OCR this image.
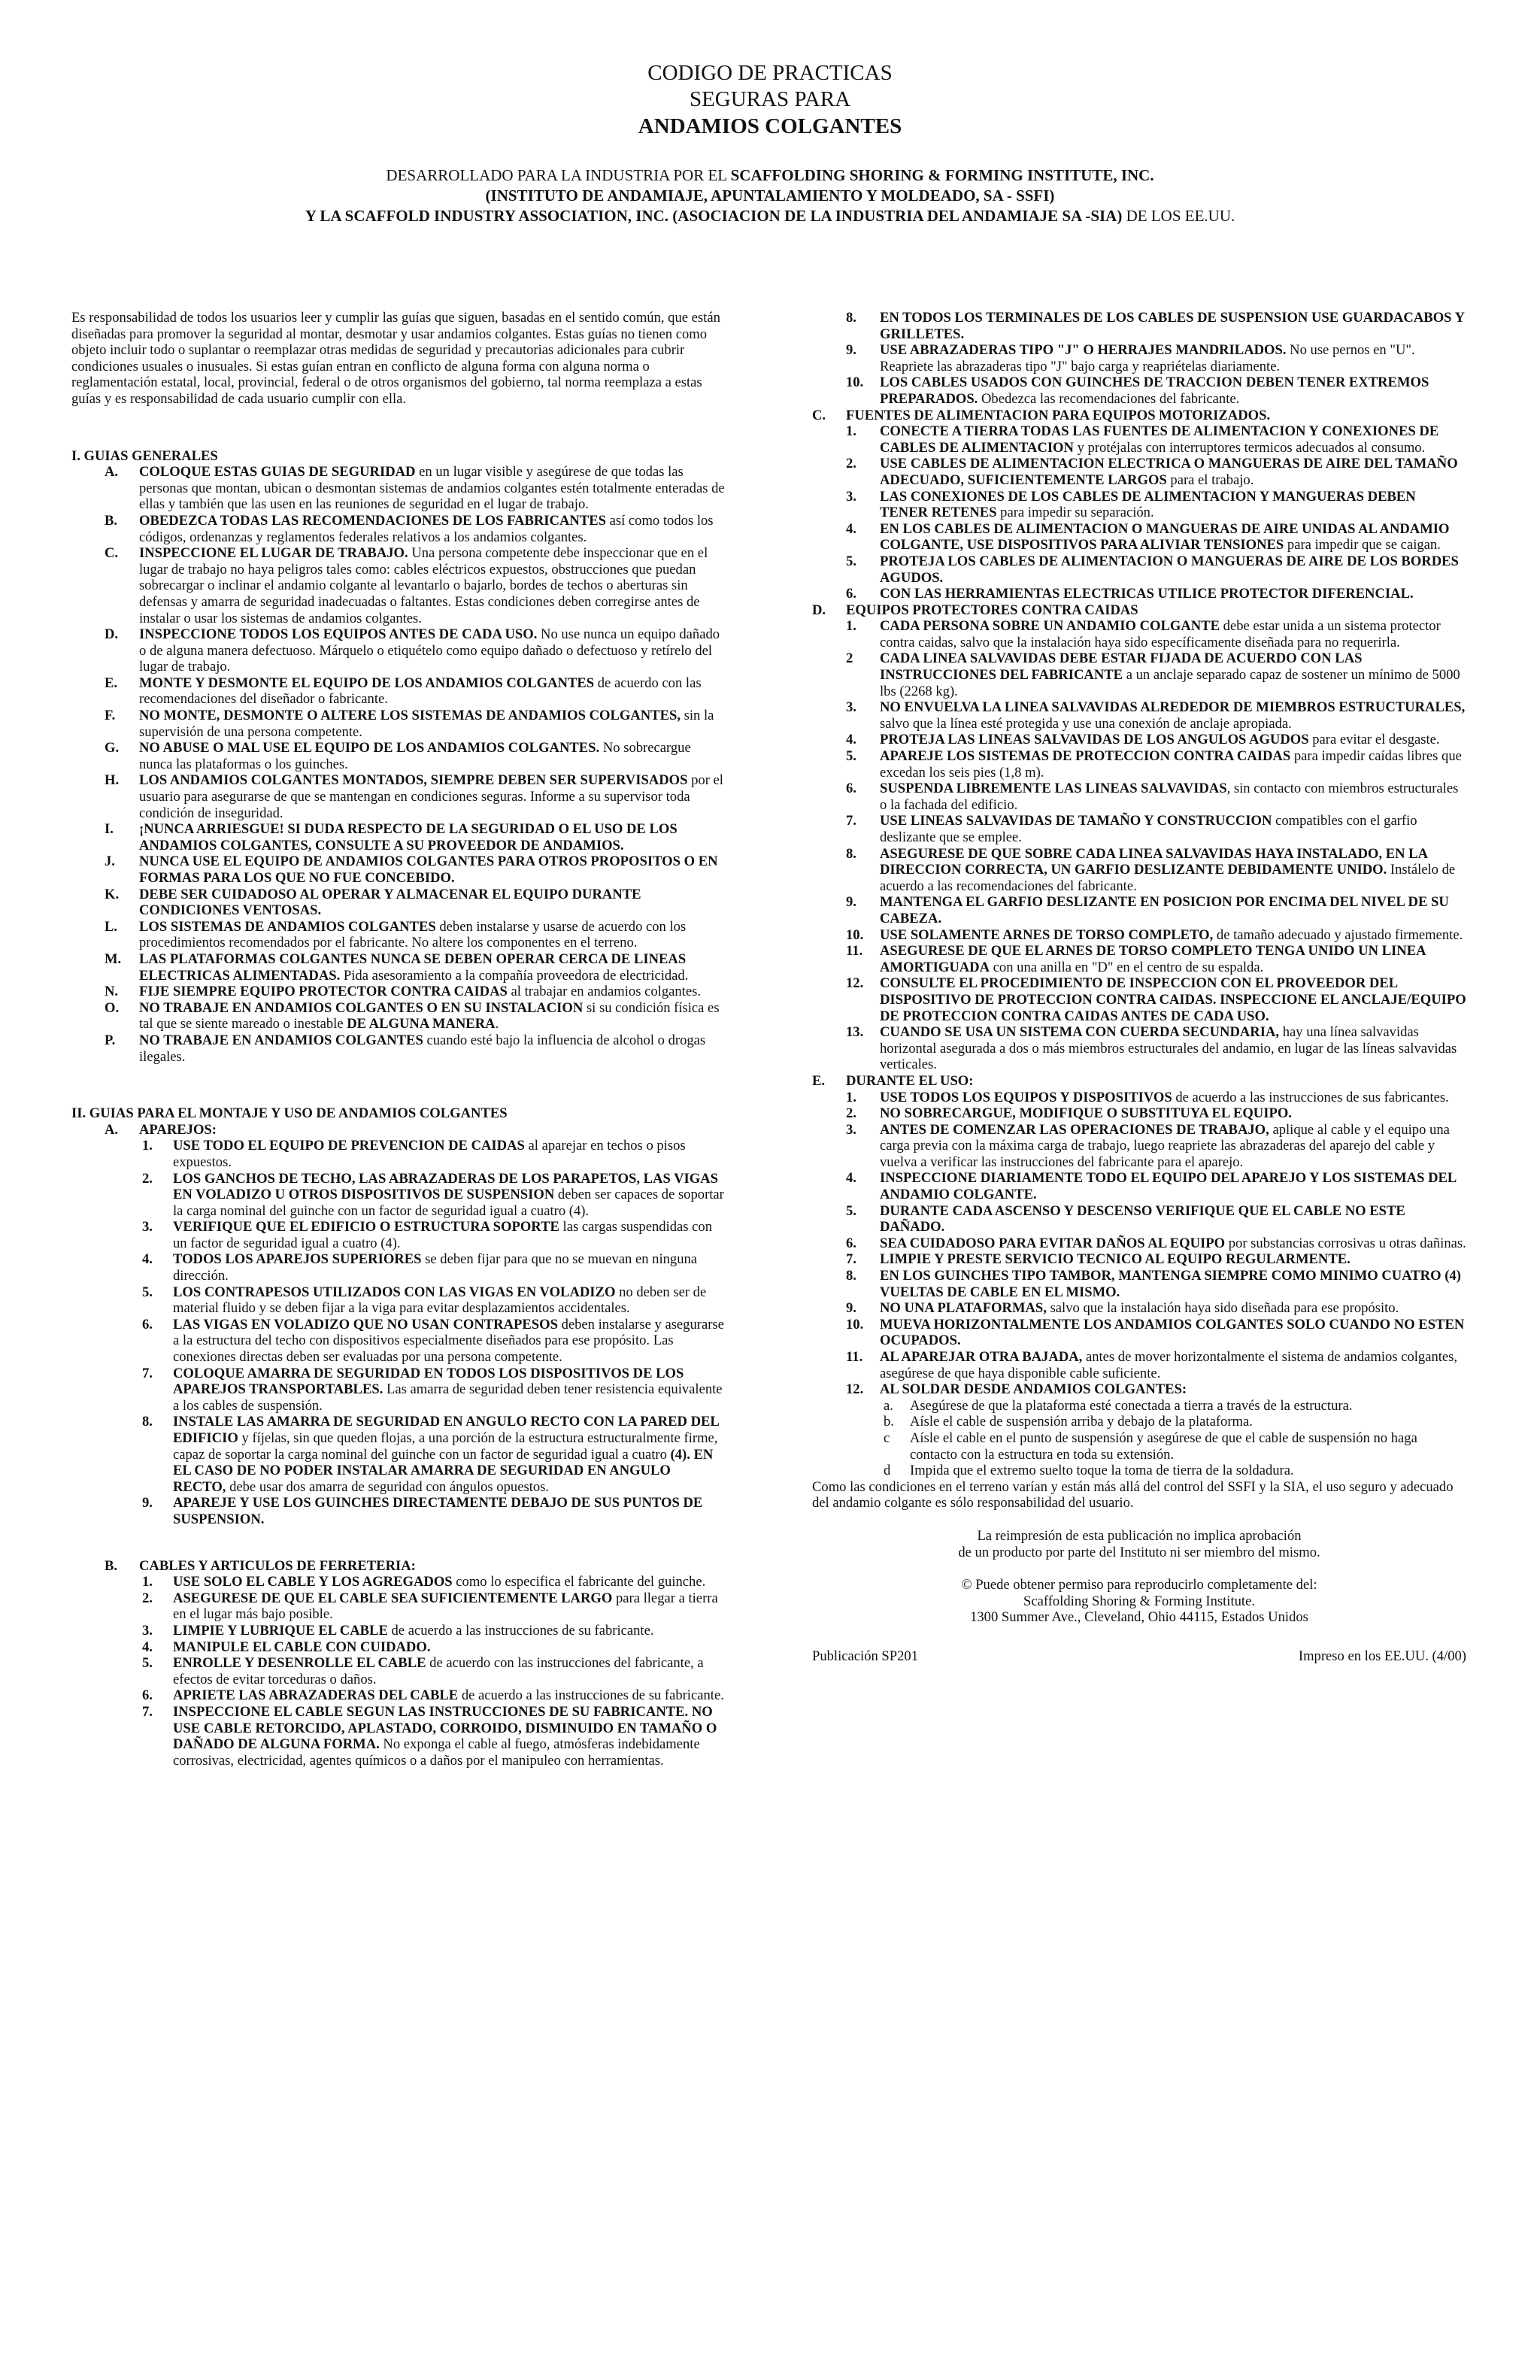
CODIGO DE PRACTICAS
SEGURAS PARA
ANDAMIOS COLGANTES
DESARROLLADO PARA LA INDUSTRIA POR EL SCAFFOLDING SHORING & FORMING INSTITUTE, INC.
(INSTITUTO DE ANDAMIAJE, APUNTALAMIENTO Y MOLDEADO, SA - SSFI)
Y LA SCAFFOLD INDUSTRY ASSOCIATION, INC. (ASOCIACION DE LA INDUSTRIA DEL ANDAMIAJE SA -SIA) DE LOS EE.UU.

Es responsabilidad de todos los usuarios leer y cumplir las guías que siguen, basadas en el sentido común, que están diseñadas para promover la seguridad al montar, desmotar y usar andamios colgantes. Estas guías no tienen como objeto incluir todo o suplantar o reemplazar otras medidas de seguridad y precautorias adicionales para cubrir condiciones usuales o inusuales. Si estas guían entran en conflicto de alguna forma con alguna norma o reglamentación estatal, local, provincial, federal o de otros organismos del gobierno, tal norma reemplaza a estas guías y es responsabilidad de cada usuario cumplir con ella.

I. GUIAS GENERALES
A. COLOQUE ESTAS GUIAS DE SEGURIDAD en un lugar visible y asegúrese de que todas las personas que montan, ubican o desmontan sistemas de andamios colgantes estén totalmente enteradas de ellas y también que las usen en las reuniones de seguridad en el lugar de trabajo.
B. OBEDEZCA TODAS LAS RECOMENDACIONES DE LOS FABRICANTES así como todos los códigos, ordenanzas y reglamentos federales relativos a los andamios colgantes.
C. INSPECCIONE EL LUGAR DE TRABAJO. Una persona competente debe inspeccionar que en el lugar de trabajo no haya peligros tales como: cables eléctricos expuestos, obstrucciones que puedan sobrecargar o inclinar el andamio colgante al levantarlo o bajarlo, bordes de techos o aberturas sin defensas y amarra de seguridad inadecuadas o faltantes. Estas condiciones deben corregirse antes de instalar o usar los sistemas de andamios colgantes.
D. INSPECCIONE TODOS LOS EQUIPOS ANTES DE CADA USO. No use nunca un equipo dañado o de alguna manera defectuoso. Márquelo o etiquételo como equipo dañado o defectuoso y retírelo del lugar de trabajo.
E. MONTE Y DESMONTE EL EQUIPO DE LOS ANDAMIOS COLGANTES de acuerdo con las recomendaciones del diseñador o fabricante.
F. NO MONTE, DESMONTE O ALTERE LOS SISTEMAS DE ANDAMIOS COLGANTES, sin la supervisión de una persona competente.
G. NO ABUSE O MAL USE EL EQUIPO DE LOS ANDAMIOS COLGANTES. No sobrecargue nunca las plataformas o los guinches.
H. LOS ANDAMIOS COLGANTES MONTADOS, SIEMPRE DEBEN SER SUPERVISADOS por el usuario para asegurarse de que se mantengan en condiciones seguras. Informe a su supervisor toda condición de inseguridad.
I. ¡NUNCA ARRIESGUE! SI DUDA RESPECTO DE LA SEGURIDAD O EL USO DE LOS ANDAMIOS COLGANTES, CONSULTE A SU PROVEEDOR DE ANDAMIOS.
J. NUNCA USE EL EQUIPO DE ANDAMIOS COLGANTES PARA OTROS PROPOSITOS O EN FORMAS PARA LOS QUE NO FUE CONCEBIDO.
K. DEBE SER CUIDADOSO AL OPERAR Y ALMACENAR EL EQUIPO DURANTE CONDICIONES VENTOSAS.
L. LOS SISTEMAS DE ANDAMIOS COLGANTES deben instalarse y usarse de acuerdo con los procedimientos recomendados por el fabricante. No altere los componentes en el terreno.
M. LAS PLATAFORMAS COLGANTES NUNCA SE DEBEN OPERAR CERCA DE LINEAS ELECTRICAS ALIMENTADAS. Pida asesoramiento a la compañía proveedora de electricidad.
N. FIJE SIEMPRE EQUIPO PROTECTOR CONTRA CAIDAS al trabajar en andamios colgantes.
O. NO TRABAJE EN ANDAMIOS COLGANTES O EN SU INSTALACION si su condición física es tal que se siente mareado o inestable DE ALGUNA MANERA.
P. NO TRABAJE EN ANDAMIOS COLGANTES cuando esté bajo la influencia de alcohol o drogas ilegales.
II. GUIAS PARA EL MONTAJE Y USO DE ANDAMIOS COLGANTES
A. APAREJOS:
1. USE TODO EL EQUIPO DE PREVENCION DE CAIDAS al aparejar en techos o pisos expuestos.
2. LOS GANCHOS DE TECHO, LAS ABRAZADERAS DE LOS PARAPETOS, LAS VIGAS EN VOLADIZO U OTROS DISPOSITIVOS DE SUSPENSION deben ser capaces de soportar la carga nominal del guinche con un factor de seguridad igual a cuatro (4).
3. VERIFIQUE QUE EL EDIFICIO O ESTRUCTURA SOPORTE las cargas suspendidas con un factor de seguridad igual a cuatro (4).
4. TODOS LOS APAREJOS SUPERIORES se deben fijar para que no se muevan en ninguna dirección.
5. LOS CONTRAPESOS UTILIZADOS CON LAS VIGAS EN VOLADIZO no deben ser de material fluido y se deben fijar a la viga para evitar desplazamientos accidentales.
6. LAS VIGAS EN VOLADIZO QUE NO USAN CONTRAPESOS deben instalarse y asegurarse a la estructura del techo con dispositivos especialmente diseñados para ese propósito. Las conexiones directas deben ser evaluadas por una persona competente.
7. COLOQUE AMARRA DE SEGURIDAD EN TODOS LOS DISPOSITIVOS DE LOS APAREJOS TRANSPORTABLES. Las amarra de seguridad deben tener resistencia equivalente a los cables de suspensión.
8. INSTALE LAS AMARRA DE SEGURIDAD EN ANGULO RECTO CON LA PARED DEL EDIFICIO y fíjelas, sin que queden flojas, a una porción de la estructura estructuralmente firme, capaz de soportar la carga nominal del guinche con un factor de seguridad igual a cuatro (4). EN EL CASO DE NO PODER INSTALAR AMARRA DE SEGURIDAD EN ANGULO RECTO, debe usar dos amarra de seguridad con ángulos opuestos.
9. APAREJE Y USE LOS GUINCHES DIRECTAMENTE DEBAJO DE SUS PUNTOS DE SUSPENSION.
B. CABLES Y ARTICULOS DE FERRETERIA:
1. USE SOLO EL CABLE Y LOS AGREGADOS como lo especifica el fabricante del guinche.
2. ASEGURESE DE QUE EL CABLE SEA SUFICIENTEMENTE LARGO para llegar a tierra en el lugar más bajo posible.
3. LIMPIE Y LUBRIQUE EL CABLE de acuerdo a las instrucciones de su fabricante.
4. MANIPULE EL CABLE CON CUIDADO.
5. ENROLLE Y DESENROLLE EL CABLE de acuerdo con las instrucciones del fabricante, a efectos de evitar torceduras o daños.
6. APRIETE LAS ABRAZADERAS DEL CABLE de acuerdo a las instrucciones de su fabricante.
7. INSPECCIONE EL CABLE SEGUN LAS INSTRUCCIONES DE SU FABRICANTE. NO USE CABLE RETORCIDO, APLASTADO, CORROIDO, DISMINUIDO EN TAMAÑO O DAÑADO DE ALGUNA FORMA. No exponga el cable al fuego, atmósferas indebidamente corrosivas, electricidad, agentes químicos o a daños por el manipuleo con herramientas.
8. EN TODOS LOS TERMINALES DE LOS CABLES DE SUSPENSION USE GUARDACABOS Y GRILLETES.
9. USE ABRAZADERAS TIPO "J" O HERRAJES MANDRILADOS. No use pernos en "U". Reapriete las abrazaderas tipo "J" bajo carga y reapriételas diariamente.
10. LOS CABLES USADOS CON GUINCHES DE TRACCION DEBEN TENER EXTREMOS PREPARADOS. Obedezca las recomendaciones del fabricante.
C. FUENTES DE ALIMENTACION PARA EQUIPOS MOTORIZADOS.
1. CONECTE A TIERRA TODAS LAS FUENTES DE ALIMENTACION Y CONEXIONES DE CABLES DE ALIMENTACION y protéjalas con interruptores termicos adecuados al consumo.
2. USE CABLES DE ALIMENTACION ELECTRICA O MANGUERAS DE AIRE DEL TAMAÑO ADECUADO, SUFICIENTEMENTE LARGOS para el trabajo.
3. LAS CONEXIONES DE LOS CABLES DE ALIMENTACION Y MANGUERAS DEBEN TENER RETENES para impedir su separación.
4. EN LOS CABLES DE ALIMENTACION O MANGUERAS DE AIRE UNIDAS AL ANDAMIO COLGANTE, USE DISPOSITIVOS PARA ALIVIAR TENSIONES para impedir que se caigan.
5. PROTEJA LOS CABLES DE ALIMENTACION O MANGUERAS DE AIRE DE LOS BORDES AGUDOS.
6. CON LAS HERRAMIENTAS ELECTRICAS UTILICE PROTECTOR DIFERENCIAL.
D. EQUIPOS PROTECTORES CONTRA CAIDAS
1. CADA PERSONA SOBRE UN ANDAMIO COLGANTE debe estar unida a un sistema protector contra caidas, salvo que la instalación haya sido específicamente diseñada para no requerirla.
2 CADA LINEA SALVAVIDAS DEBE ESTAR FIJADA DE ACUERDO CON LAS INSTRUCCIONES DEL FABRICANTE a un anclaje separado capaz de sostener un mínimo de 5000 lbs (2268 kg).
3. NO ENVUELVA LA LINEA SALVAVIDAS ALREDEDOR DE MIEMBROS ESTRUCTURALES, salvo que la línea esté protegida y use una conexión de anclaje apropiada.
4. PROTEJA LAS LINEAS SALVAVIDAS DE LOS ANGULOS AGUDOS para evitar el desgaste.
5. APAREJE LOS SISTEMAS DE PROTECCION CONTRA CAIDAS para impedir caídas libres que excedan los seis pies (1,8 m).
6. SUSPENDA LIBREMENTE LAS LINEAS SALVAVIDAS, sin contacto con miembros estructurales o la fachada del edificio.
7. USE LINEAS SALVAVIDAS DE TAMAÑO Y CONSTRUCCION compatibles con el garfio deslizante que se emplee.
8. ASEGURESE DE QUE SOBRE CADA LINEA SALVAVIDAS HAYA INSTALADO, EN LA DIRECCION CORRECTA, UN GARFIO DESLIZANTE DEBIDAMENTE UNIDO. Instálelo de acuerdo a las recomendaciones del fabricante.
9. MANTENGA EL GARFIO DESLIZANTE EN POSICION POR ENCIMA DEL NIVEL DE SU CABEZA.
10. USE SOLAMENTE ARNES DE TORSO COMPLETO, de tamaño adecuado y ajustado firmemente.
11. ASEGURESE DE QUE EL ARNES DE TORSO COMPLETO TENGA UNIDO UN LINEA AMORTIGUADA con una anilla en "D" en el centro de su espalda.
12. CONSULTE EL PROCEDIMIENTO DE INSPECCION CON EL PROVEEDOR DEL DISPOSITIVO DE PROTECCION CONTRA CAIDAS. INSPECCIONE EL ANCLAJE/EQUIPO DE PROTECCION CONTRA CAIDAS ANTES DE CADA USO.
13. CUANDO SE USA UN SISTEMA CON CUERDA SECUNDARIA, hay una línea salvavidas horizontal asegurada a dos o más miembros estructurales del andamio, en lugar de las líneas salvavidas verticales.
E. DURANTE EL USO:
1. USE TODOS LOS EQUIPOS Y DISPOSITIVOS de acuerdo a las instrucciones de sus fabricantes.
2. NO SOBRECARGUE, MODIFIQUE O SUBSTITUYA EL EQUIPO.
3. ANTES DE COMENZAR LAS OPERACIONES DE TRABAJO, aplique al cable y el equipo una carga previa con la máxima carga de trabajo, luego reapriete las abrazaderas del aparejo del cable y vuelva a verificar las instrucciones del fabricante para el aparejo.
4. INSPECCIONE DIARIAMENTE TODO EL EQUIPO DEL APAREJO Y LOS SISTEMAS DEL ANDAMIO COLGANTE.
5. DURANTE CADA ASCENSO Y DESCENSO VERIFIQUE QUE EL CABLE NO ESTE DAÑADO.
6. SEA CUIDADOSO PARA EVITAR DAÑOS AL EQUIPO por substancias corrosivas u otras dañinas.
7. LIMPIE Y PRESTE SERVICIO TECNICO AL EQUIPO REGULARMENTE.
8. EN LOS GUINCHES TIPO TAMBOR, MANTENGA SIEMPRE COMO MINIMO CUATRO (4) VUELTAS DE CABLE EN EL MISMO.
9. NO UNA PLATAFORMAS, salvo que la instalación haya sido diseñada para ese propósito.
10. MUEVA HORIZONTALMENTE LOS ANDAMIOS COLGANTES SOLO CUANDO NO ESTEN OCUPADOS.
11. AL APAREJAR OTRA BAJADA, antes de mover horizontalmente el sistema de andamios colgantes, asegúrese de que haya disponible cable suficiente.
12. AL SOLDAR DESDE ANDAMIOS COLGANTES:
a. Asegúrese de que la plataforma esté conectada a tierra a través de la estructura.
b. Aísle el cable de suspensión arriba y debajo de la plataforma.
c Aísle el cable en el punto de suspensión y asegúrese de que el cable de suspensión no haga contacto con la estructura en toda su extensión.
d Impida que el extremo suelto toque la toma de tierra de la soldadura.

Como las condiciones en el terreno varían y están más allá del control del SSFI y la SIA, el uso seguro y adecuado del andamio colgante es sólo responsabilidad del usuario.

La reimpresión de esta publicación no implica aprobación
de un producto por parte del Instituto ni ser miembro del mismo.
© Puede obtener permiso para reproducirlo completamente del:
Scaffolding Shoring & Forming Institute.
1300 Summer Ave., Cleveland, Ohio 44115, Estados Unidos
Publicación SP201	Impreso en los EE.UU. (4/00)
